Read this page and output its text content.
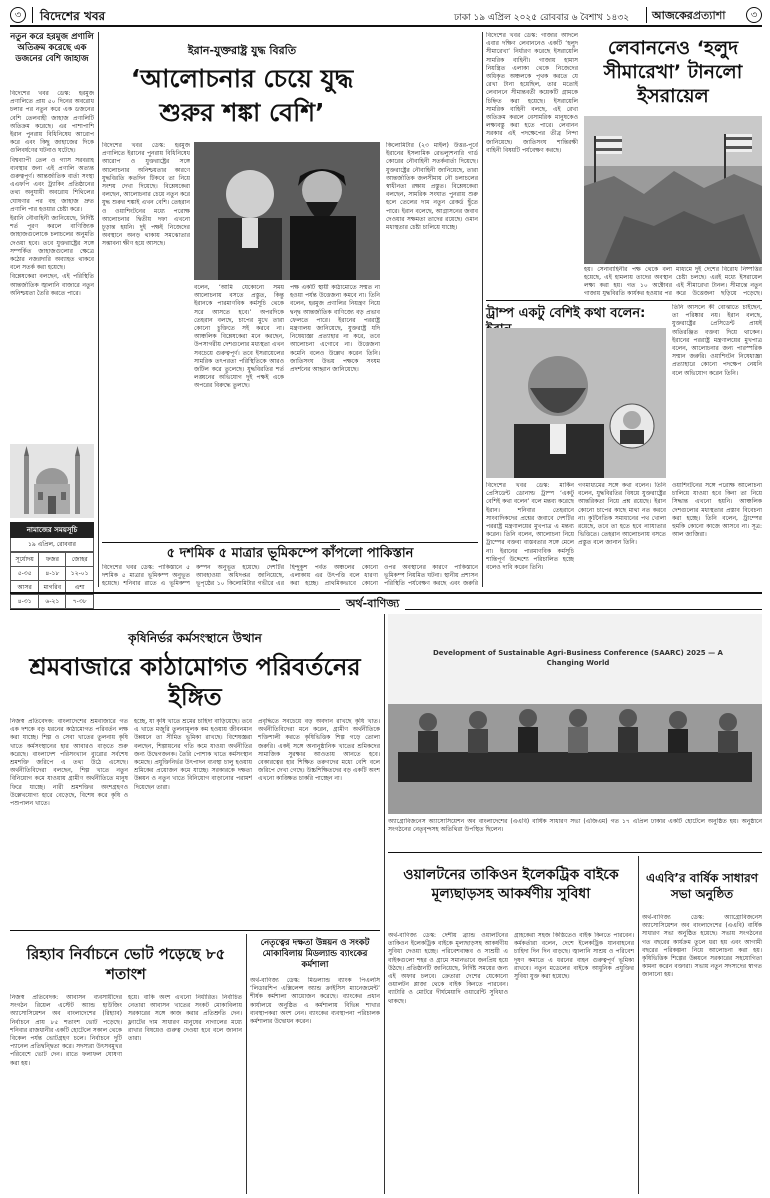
৩	বিদেশের খবর	ঢাকা ১৯ এপ্রিল ২০২৫ রোববার ৬ বৈশাখ ১৪৩২ আজকেরপ্রত্যাশা	৩
নতুন করে হরমুজ প্রণালি অতিক্রম করেছে এক ডজনের বেশি জাহাজ

বিদেশের খবর ডেস্ক: হরমুজ প্রণালিতে প্রায় ৫০ দিনের অবরোধ চলার পর নতুন করে এক ডজনের বেশি তেলবাহী জাহাজ প্রণালিটি অতিক্রম করেছে। এর পাশাপাশি ইরান পুনরায় বিধিনিষেধ আরোপ করে এবং কিছু জাহাজের দিকে গুলিবর্ষণের ঘটনাও ঘটেছে।

বিশ্বব্যাপী তেল ও গ্যাস সরবরাহ ব্যবস্থার জন্য এই প্রণালি অত্যন্ত গুরুত্বপূর্ণ। আন্তর্জাতিক বার্তা সংস্থা এএফপি এবং ট্র্যাকিং প্রতিষ্ঠানের তথ্য অনুযায়ী অবরোধ শিথিলের ঘোষণার পর বহু জাহাজ দ্রুত প্রণালি পার হওয়ার চেষ্টা করে।

ইরানি নৌবাহিনী জানিয়েছে, নির্দিষ্ট শর্ত পূরণ করলে বাণিজ্যিক জাহাজগুলোকে চলাচলের অনুমতি দেওয়া হবে। তবে যুক্তরাষ্ট্রের সঙ্গে সম্পর্কিত জাহাজগুলোর ক্ষেত্রে কঠোর নজরদারি অব্যাহত থাকবে বলে সতর্ক করা হয়েছে।

বিশ্লেষকেরা বলছেন, এই পরিস্থিতি আন্তর্জাতিক জ্বালানি বাজারে নতুন অনিশ্চয়তা তৈরি করতে পারে।

নামাজের সময়সূচি
১৯ এপ্রিল, রোববার
সূর্যোদয়	ফজর	জোহর
৫-৩৫	৪-১৮	১২-০১
আসর	মাগরিব	এশা
৪-৩১	৬-২১	৭-৩৮
ইরান-যুক্তরাষ্ট্র যুদ্ধ বিরতি
‘আলোচনার চেয়ে যুদ্ধ শুরুর শঙ্কা বেশি’
বিদেশের খবর ডেস্ক: হরমুজ প্রণালিতে ইরানের পুনরায় বিধিনিষেধ আরোপ ও যুক্তরাষ্ট্রের সঙ্গে আলোচনার অনিশ্চয়তার কারণে যুদ্ধবিরতি কতদিন টিকবে তা নিয়ে সংশয় দেখা দিয়েছে। বিশ্লেষকেরা বলছেন, আলোচনার চেয়ে নতুন করে যুদ্ধ শুরুর শঙ্কাই এখন বেশি। তেহরান ও ওয়াশিংটনের মধ্যে পরোক্ষ আলোচনার দ্বিতীয় দফা এখনো চূড়ান্ত হয়নি। দুই পক্ষই নিজেদের অবস্থানে অনড় থাকায় সমঝোতার সম্ভাবনা ক্ষীণ হয়ে আসছে।
বলেন, ‘আমি যেকোনো সময় আলোচনায় বসতে প্রস্তুত, কিন্তু ইরানকে পারমাণবিক কর্মসূচি থেকে সরে আসতে হবে।’ অপরদিকে তেহরান বলছে, চাপের মুখে তারা কোনো চুক্তিতে সই করবে না। আঞ্চলিক বিশ্লেষকেরা মনে করছেন, উপসাগরীয় দেশগুলোর মধ্যস্থতা এখন সবচেয়ে গুরুত্বপূর্ণ। তবে ইসরায়েলের সামরিক তৎপরতা পরিস্থিতিকে আরও জটিল করে তুলেছে। যুদ্ধবিরতির শর্ত লঙ্ঘনের অভিযোগ দুই পক্ষই একে অপরের বিরুদ্ধে তুলছে।
পক্ষ একটি স্থায়ী কাঠামোতে সম্মত না হওয়া পর্যন্ত উত্তেজনা কমবে না। তিনি বলেন, হরমুজ প্রণালির নিয়ন্ত্রণ নিয়ে দ্বন্দ্ব আন্তর্জাতিক বাণিজ্যে বড় প্রভাব ফেলতে পারে। ইরানের পররাষ্ট্র মন্ত্রণালয় জানিয়েছে, যুক্তরাষ্ট্র যদি নিষেধাজ্ঞা প্রত্যাহার না করে, তবে আলোচনা এগোবে না। উত্তেজনা কমেনি বলেও উল্লেখ করেন তিনি। জাতিসংঘ উভয় পক্ষকে সংযম প্রদর্শনের আহ্বান জানিয়েছে।
কিলোমিটার (২৩ মাইল) উত্তর-পূর্বে ইরানের ইসলামিক রেভল্যুশনারি গার্ড কোরের নৌবাহিনী সতর্কবার্তা দিয়েছে। যুক্তরাষ্ট্রের নৌবাহিনী জানিয়েছে, তারা আন্তর্জাতিক জলসীমায় নৌ চলাচলের স্বাধীনতা রক্ষায় প্রস্তুত। বিশ্লেষকেরা বলছেন, সামরিক সংঘাত পুনরায় শুরু হলে তেলের দাম নতুন রেকর্ড ছুঁতে পারে। ইরান বলেছে, আগ্রাসনের জবাব দেওয়ার সক্ষমতা তাদের রয়েছে। ওমান মধ্যস্থতার চেষ্টা চালিয়ে যাচ্ছে।
৫ দশমিক ৫ মাত্রার ভূমিকম্পে কাঁপলো পাকিস্তান
বিদেশের খবর ডেস্ক: পাকিস্তানে ৫ দশমিক ৫ মাত্রার ভূমিকম্প অনুভূত হয়েছে। শনিবার রাতে এ ভূমিকম্প
কম্পন অনুভূত হয়েছে। দেশটির আবহাওয়া অধিদপ্তর জানিয়েছে, ভূপৃষ্ঠের ১০ কিলোমিটার গভীরে এর
হিন্দুকুশ পর্বত অঞ্চলের কোনো এলাকায় এর উৎপত্তি বলে ধারণা করা হচ্ছে। প্রাথমিকভাবে কোনো
ওপর অবস্থানের কারণে পাকিস্তানে ভূমিকম্প নিয়মিত ঘটনা। স্থানীয় প্রশাসন পরিস্থিতি পর্যবেক্ষণ করছে এবং জরুরি
বিদেশের খবর ডেস্ক: গাজার আদলে এবার দক্ষিণ লেবাননেও একটি ‘হলুদ সীমারেখা’ নির্ধারণ করেছে ইসরায়েলি সামরিক বাহিনী। গাজায় হামাস নিয়ন্ত্রিত এলাকা থেকে নিজেদের অধিকৃত অঞ্চলকে পৃথক করতে যে রেখা টানা হয়েছিল, তার মতোই লেবাননে সীমান্তবর্তী কয়েকটি গ্রামকে চিহ্নিত করা হয়েছে। ইসরায়েলি সামরিক বাহিনী বলছে, এই রেখা অতিক্রম করলে বেসামরিক মানুষকেও লক্ষ্যবস্তু করা হতে পারে। লেবানন সরকার এই পদক্ষেপের তীব্র নিন্দা জানিয়েছে। জাতিসংঘ শান্তিরক্ষী বাহিনী বিষয়টি পর্যবেক্ষণ করছে।
লেবাননেও ‘হলুদ সীমারেখা’ টানলো ইসরায়েল
হয়। সেনাবাহিনীর পক্ষ থেকে বলা হয়েছে, এই হামলায় তাদের অবস্থান লক্ষ্য করা হয়। গত ১০ অক্টোবর গাজায় যুদ্ধবিরতি কার্যকর হওয়ার পর
মাধ্যমে দুই দেশের বিরোধ নিষ্পত্তির চেষ্টা চলছে। এরই মধ্যে ইসরায়েল এই সীমারেখা টানল। সীমান্তে নতুন করে উত্তেজনা ছড়িয়ে পড়েছে।
ট্রাম্প একটু বেশিই কথা বলেন:	তিনি আসলে কী বোঝাতে চাইছেন, তা পরিষ্কার নয়। ইরান বলছে, যুক্তরাষ্ট্রের প্রেসিডেন্ট প্রায়ই অতিরঞ্জিত বক্তব্য দিয়ে থাকেন। ইরানের পররাষ্ট্র মন্ত্রণালয়ের মুখপাত্র বলেন, আলোচনার জন্য পারস্পরিক সম্মান জরুরি। ওয়াশিংটন নিষেধাজ্ঞা প্রত্যাহারে কোনো পদক্ষেপ নেয়নি বলে অভিযোগ করেন তিনি।
বিদেশের খবর ডেস্ক: মার্কিন প্রেসিডেন্ট ডোনাল্ড ট্রাম্প ‘একটু বেশিই কথা বলেন’ বলে মন্তব্য করেছে ইরান। শনিবার তেহরানে সাংবাদিকদের প্রশ্নের জবাবে দেশটির পররাষ্ট্র মন্ত্রণালয়ের মুখপাত্র এ মন্তব্য করেন। তিনি বলেন, আলোচনা নিয়ে ট্রাম্পের বক্তব্য বাস্তবতার সঙ্গে মেলে না। ইরানের পারমাণবিক কর্মসূচি শান্তিপূর্ণ উদ্দেশ্যে পরিচালিত হচ্ছে বলেও দাবি করেন তিনি।
গণমাধ্যমের সঙ্গে কথা বলেন। তিনি বলেন, যুদ্ধবিরতির বিষয়ে যুক্তরাষ্ট্রের আন্তরিকতা নিয়ে প্রশ্ন রয়েছে। ইরান কোনো চাপের কাছে মাথা নত করবে না। কূটনৈতিক সমাধানের পথ খোলা রয়েছে, তবে তা হতে হবে ন্যায্যতার ভিত্তিতে। তেহরান আলোচনায় বসতে প্রস্তুত বলে জানান তিনি।
ওয়াশিংটনের সঙ্গে পরোক্ষ আলোচনা চালিয়ে যাওয়া হবে কিনা তা নিয়ে সিদ্ধান্ত এখনো হয়নি। আঞ্চলিক দেশগুলোর মধ্যস্থতার প্রস্তাব বিবেচনা করা হচ্ছে। তিনি বলেন, ট্রাম্পের হুমকি কোনো কাজে আসবে না। সূত্র: আল জাজিরা।
অর্থ-বাণিজ্য
কৃষিনির্ভর কর্মসংস্থানে উত্থান
শ্রমবাজারে কাঠামোগত পরিবর্তনের ইঙ্গিত
নিজস্ব প্রতিবেদক: বাংলাদেশের শ্রমবাজারে গত এক দশকে বড় ধরনের কাঠামোগত পরিবর্তন লক্ষ করা যাচ্ছে। শিল্প ও সেবা খাতের তুলনায় কৃষি খাতে কর্মসংস্থানের হার আবারও বাড়তে শুরু করেছে। বাংলাদেশ পরিসংখ্যান ব্যুরোর সর্বশেষ শ্রমশক্তি জরিপে এ তথ্য উঠে এসেছে। অর্থনীতিবিদেরা বলছেন, শিল্প খাতে নতুন বিনিয়োগ কমে যাওয়ায় গ্রামীণ অর্থনীতিতে মানুষ ফিরে যাচ্ছে। নারী শ্রমশক্তির অংশগ্রহণও উল্লেখযোগ্য হারে বেড়েছে, বিশেষ করে কৃষি ও পশুপালন খাতে।
হচ্ছে, যা কৃষি খাতে শ্রমের চাহিদা বাড়িয়েছে। তবে এ খাতে মজুরি তুলনামূলক কম হওয়ায় জীবনমান উন্নয়নে তা সীমিত ভূমিকা রাখছে। বিশেষজ্ঞরা বলছেন, শিল্পায়নের গতি কমে যাওয়া অর্থনীতির জন্য উদ্বেগজনক। তৈরি পোশাক খাতে কর্মসংস্থান কমেছে। প্রযুক্তিনির্ভর উৎপাদন ব্যবস্থা চালু হওয়ায় শ্রমিকের প্রয়োজন কমে যাচ্ছে। সরকারকে দক্ষতা উন্নয়ন ও নতুন খাতে বিনিয়োগ বাড়ানোর পরামর্শ দিয়েছেন তারা।
প্রবৃদ্ধিতে সবচেয়ে বড় অবদান রাখছে কৃষি খাত। অর্থনীতিবিদেরা মনে করেন, গ্রামীণ অর্থনীতিকে শক্তিশালী করতে কৃষিভিত্তিক শিল্প গড়ে তোলা জরুরি। একই সঙ্গে অনানুষ্ঠানিক খাতের শ্রমিকদের সামাজিক সুরক্ষার আওতায় আনতে হবে। বেকারত্বের হার শিক্ষিত তরুণদের মধ্যে বেশি বলে জরিপে দেখা গেছে। উচ্চশিক্ষিতদের বড় একটি অংশ এখনো কাঙ্ক্ষিত চাকরি পাচ্ছেন না।
রিহ্যাব নির্বাচনে ভোট পড়েছে ৮৫ শতাংশ
নিজস্ব প্রতিবেদক: আবাসন ব্যবসায়ীদের সংগঠন রিয়েল এস্টেট অ্যান্ড হাউজিং অ্যাসোসিয়েশন অব বাংলাদেশের (রিহ্যাব) নির্বাচনে প্রায় ৮৫ শতাংশ ভোট পড়েছে। শনিবার রাজধানীর একটি হোটেলে সকাল থেকে বিকেল পর্যন্ত ভোটগ্রহণ চলে। নির্বাচনে দুটি প্যানেল প্রতিদ্বন্দ্বিতা করে। সদস্যরা উৎসবমুখর পরিবেশে ভোট দেন। রাতে ফলাফল ঘোষণা করা হয়।
হয়ে। বাকি অংশ এখনো নির্ধারিত। নির্বাচিত নেতারা আবাসন খাতের সংকট মোকাবিলায় সরকারের সঙ্গে কাজ করার প্রতিশ্রুতি দেন। ফ্ল্যাটের দাম সাধারণ মানুষের নাগালের মধ্যে রাখার বিষয়েও গুরুত্ব দেওয়া হবে বলে জানান তারা।
নেতৃত্বের দক্ষতা উন্নয়ন ও সংকট মোকাবিলায় মিডল্যান্ড ব্যাংকের কর্মশালা
অর্থ-বাণিজ্য ডেস্ক: মিডল্যান্ড ব্যাংক পিএলসি ‘লিডারশিপ এক্সিলেন্স অ্যান্ড ক্রাইসিস ম্যানেজমেন্ট’ শীর্ষক কর্মশালা আয়োজন করেছে। ব্যাংকের প্রধান কার্যালয়ে অনুষ্ঠিত এ কর্মশালায় বিভিন্ন শাখার ব্যবস্থাপকরা অংশ নেন। ব্যাংকের ব্যবস্থাপনা পরিচালক কর্মশালার উদ্বোধন করেন।
Development of Sustainable Agri-Business Conference (SAARC) 2025 — A Changing World
অ্যাগ্রোবিজনেস অ্যাসোসিয়েশন অব বাংলাদেশের (এএবি) বার্ষিক সাধারণ সভা (এজিএম) গত ১৭ এপ্রিল ঢাকার একটি হোটেলে অনুষ্ঠিত হয়। অনুষ্ঠানে সংগঠনের নেতৃবৃন্দসহ অতিথিরা উপস্থিত ছিলেন।
ওয়ালটনের তাকিওন ইলেকট্রিক বাইকে মূল্যছাড়সহ আকর্ষণীয় সুবিধা
অর্থ-বাণিজ্য ডেস্ক: দেশীয় ব্র্যান্ড ওয়ালটনের তাকিওন ইলেকট্রিক বাইকে মূল্যছাড়সহ আকর্ষণীয় সুবিধা দেওয়া হচ্ছে। পরিবেশবান্ধব ও সাশ্রয়ী এ বাইকগুলো শহর ও গ্রামে সমানভাবে জনপ্রিয় হয়ে উঠছে। প্রতিষ্ঠানটি জানিয়েছে, নির্দিষ্ট সময়ের জন্য এই অফার চলবে। ক্রেতারা দেশের যেকোনো ওয়ালটন প্লাজা থেকে বাইক কিনতে পারবেন। ব্যাটারি ও মোটরে দীর্ঘমেয়াদি ওয়ারেন্টি সুবিধাও থাকছে।
গ্রাহকেরা সহজ কিস্তিতেও বাইক কিনতে পারবেন। কর্মকর্তারা বলেন, দেশে ইলেকট্রিক যানবাহনের চাহিদা দিন দিন বাড়ছে। জ্বালানি সাশ্রয় ও পরিবেশ দূষণ কমাতে এ ধরনের বাহন গুরুত্বপূর্ণ ভূমিকা রাখবে। নতুন মডেলের বাইকে আধুনিক প্রযুক্তির সুবিধা যুক্ত করা হয়েছে।
এএবি’র বার্ষিক সাধারণ সভা অনুষ্ঠিত
অর্থ-বাণিজ্য ডেস্ক: অ্যাগ্রোবিজনেস অ্যাসোসিয়েশন অব বাংলাদেশের (এএবি) বার্ষিক সাধারণ সভা অনুষ্ঠিত হয়েছে। সভায় সংগঠনের গত বছরের কার্যক্রম তুলে ধরা হয় এবং আগামী বছরের পরিকল্পনা নিয়ে আলোচনা করা হয়। কৃষিভিত্তিক শিল্পের উন্নয়নে সরকারের সহযোগিতা কামনা করেন বক্তারা। সভায় নতুন সদস্যদের স্বাগত জানানো হয়।
